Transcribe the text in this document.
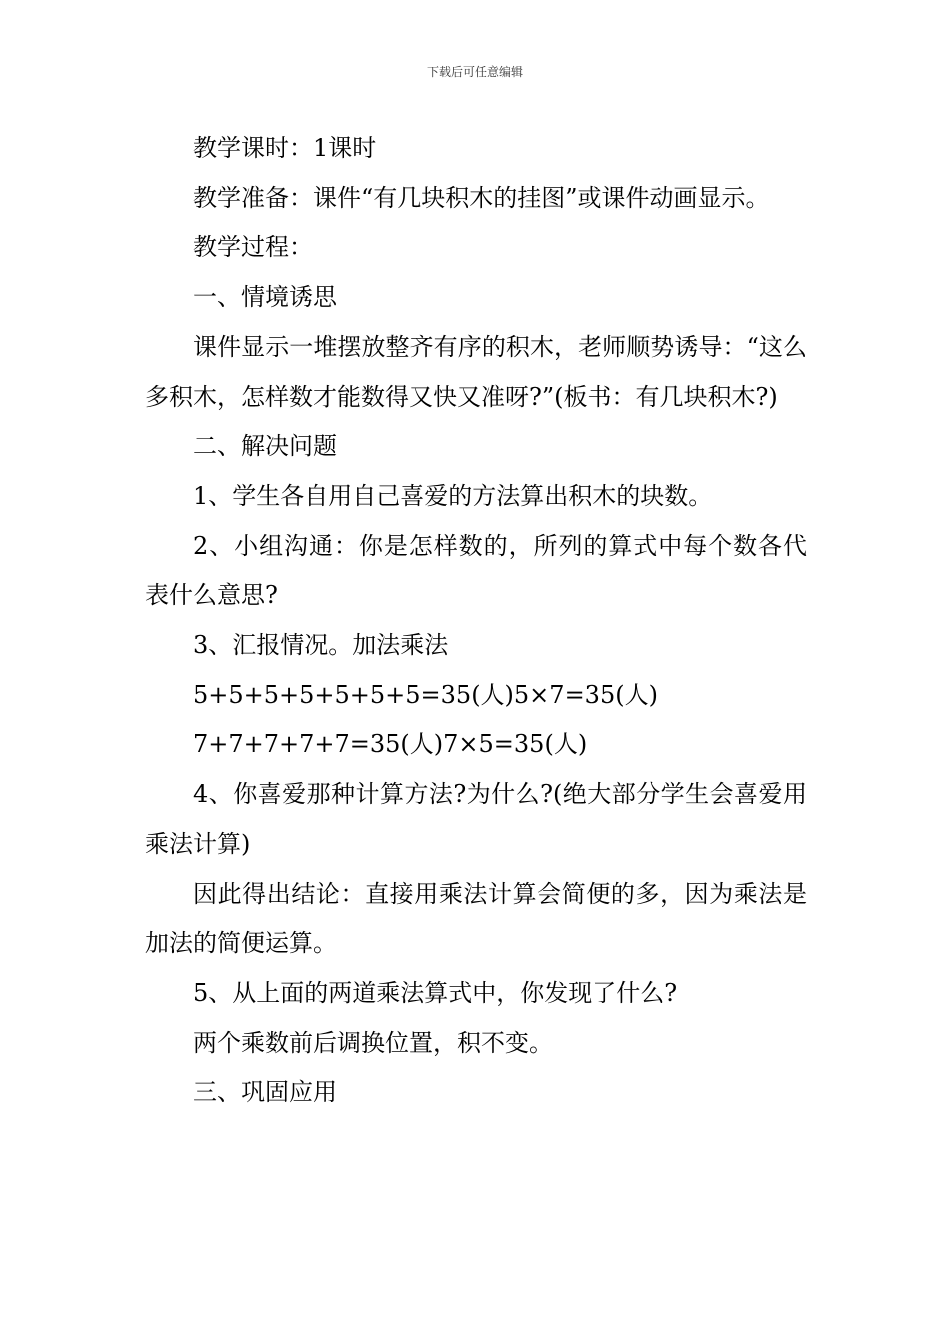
下载后可任意编辑

教学课时：1课时

教学准备：课件“有几块积木的挂图”或课件动画显示。

教学过程：

一、情境诱思

课件显示一堆摆放整齐有序的积木，老师顺势诱导：“这么多积木，怎样数才能数得又快又准呀?”(板书：有几块积木?)

二、解决问题

1、学生各自用自己喜爱的方法算出积木的块数。

2、小组沟通：你是怎样数的，所列的算式中每个数各代表什么意思?

3、汇报情况。加法乘法

5+5+5+5+5+5+5=35(人)5×7=35(人)

7+7+7+7+7=35(人)7×5=35(人)

4、你喜爱那种计算方法?为什么?(绝大部分学生会喜爱用乘法计算)

因此得出结论：直接用乘法计算会简便的多，因为乘法是加法的简便运算。

5、从上面的两道乘法算式中，你发现了什么?

两个乘数前后调换位置，积不变。

三、巩固应用
